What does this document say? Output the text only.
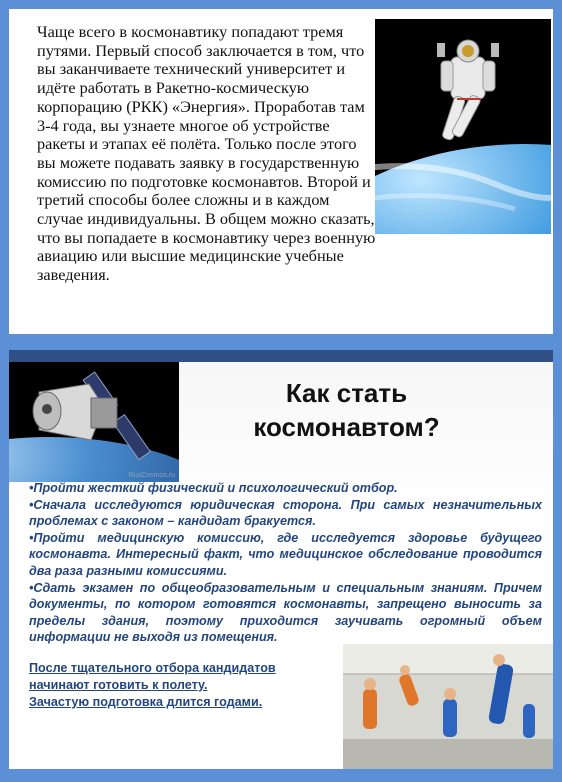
Чаще всего в космонавтику попадают тремя путями. Первый способ заключается в том, что вы заканчиваете технический университет и идёте работать в Ракетно-космическую корпорацию (РКК) «Энергия». Проработав там 3-4 года, вы узнаете многое об устройстве ракеты и этапах её полёта. Только после этого вы можете подавать заявку в государственную комиссию по подготовке космонавтов. Второй и третий способы более сложны и в каждом случае индивидуальны. В общем можно сказать, что вы попадаете в космонавтику через военную авиацию или высшие медицинские учебные заведения.

RusCosmos.ru
Как стать
космонавтом?
•Пройти жесткий физический и психологический отбор.
•Сначала исследуются юридическая сторона. При самых незначительных проблемах с законом – кандидат бракуется.
•Пройти медицинскую комиссию, где исследуется здоровье будущего космонавта. Интересный факт, что медицинское обследование проводится два раза разными комиссиями.
•Сдать экзамен по общеобразовательным и специальным знаниям. Причем документы, по котором готовятся космонавты, запрещено выносить за пределы здания, поэтому приходится заучивать огромный объем информации не выходя из помещения.

После тщательного отбора кандидатов
начинают готовить к полету.
Зачастую подготовка длится годами.
